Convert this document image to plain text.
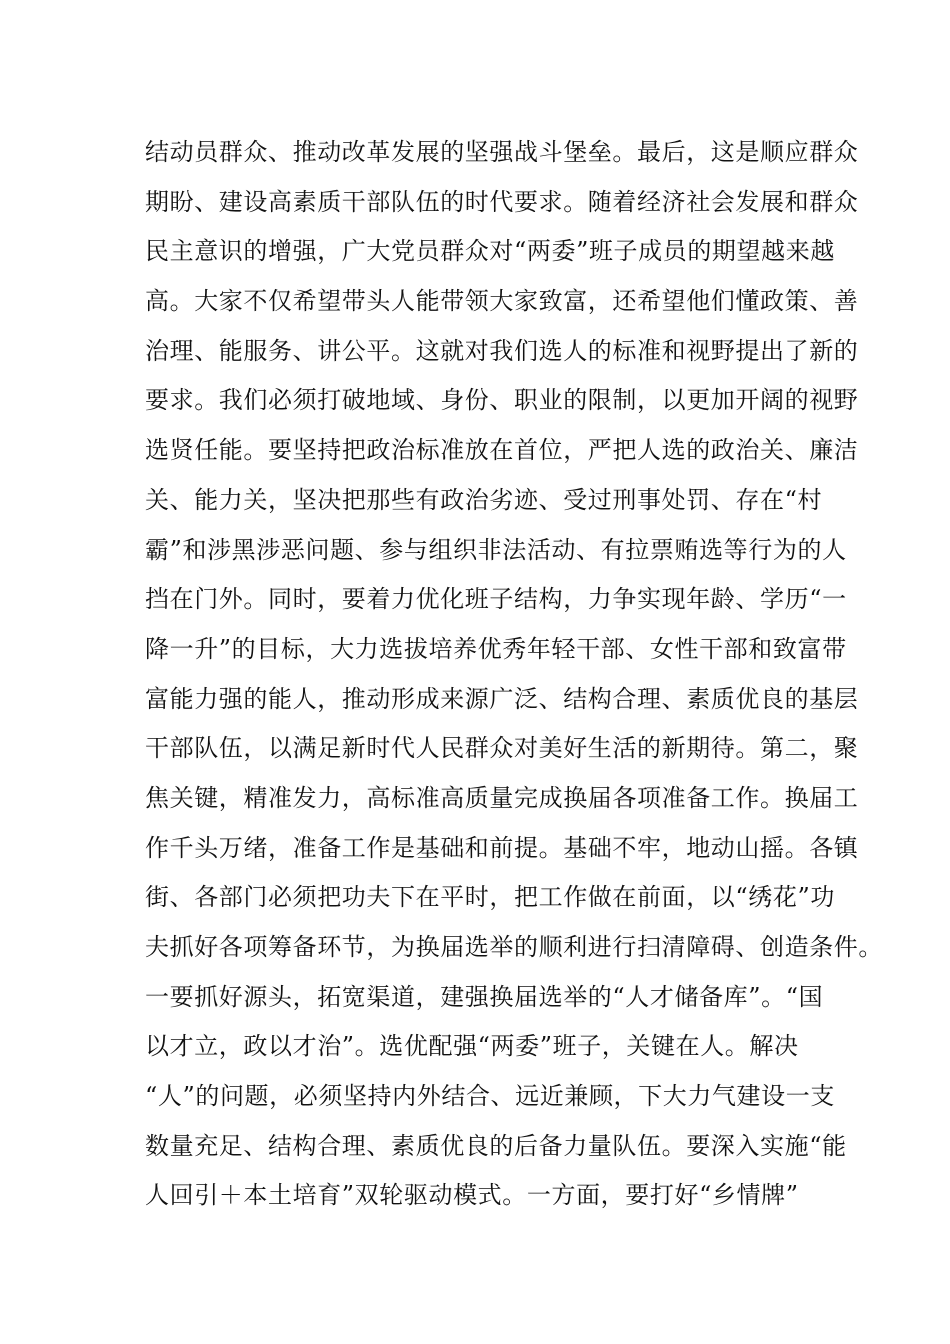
结动员群众、推动改革发展的坚强战斗堡垒。最后，这是顺应群众
期盼、建设高素质干部队伍的时代要求。随着经济社会发展和群众
民主意识的增强，广大党员群众对“两委”班子成员的期望越来越
高。大家不仅希望带头人能带领大家致富，还希望他们懂政策、善
治理、能服务、讲公平。这就对我们选人的标准和视野提出了新的
要求。我们必须打破地域、身份、职业的限制，以更加开阔的视野
选贤任能。要坚持把政治标准放在首位，严把人选的政治关、廉洁
关、能力关，坚决把那些有政治劣迹、受过刑事处罚、存在“村
霸”和涉黑涉恶问题、参与组织非法活动、有拉票贿选等行为的人
挡在门外。同时，要着力优化班子结构，力争实现年龄、学历“一
降一升”的目标，大力选拔培养优秀年轻干部、女性干部和致富带
富能力强的能人，推动形成来源广泛、结构合理、素质优良的基层
干部队伍，以满足新时代人民群众对美好生活的新期待。第二，聚
焦关键，精准发力，高标准高质量完成换届各项准备工作。换届工
作千头万绪，准备工作是基础和前提。基础不牢，地动山摇。各镇
街、各部门必须把功夫下在平时，把工作做在前面，以“绣花”功
夫抓好各项筹备环节，为换届选举的顺利进行扫清障碍、创造条件。
一要抓好源头，拓宽渠道，建强换届选举的“人才储备库”。“国
以才立，政以才治”。选优配强“两委”班子，关键在人。解决
“人”的问题，必须坚持内外结合、远近兼顾，下大力气建设一支
数量充足、结构合理、素质优良的后备力量队伍。要深入实施“能
人回引＋本土培育”双轮驱动模式。一方面，要打好“乡情牌”
